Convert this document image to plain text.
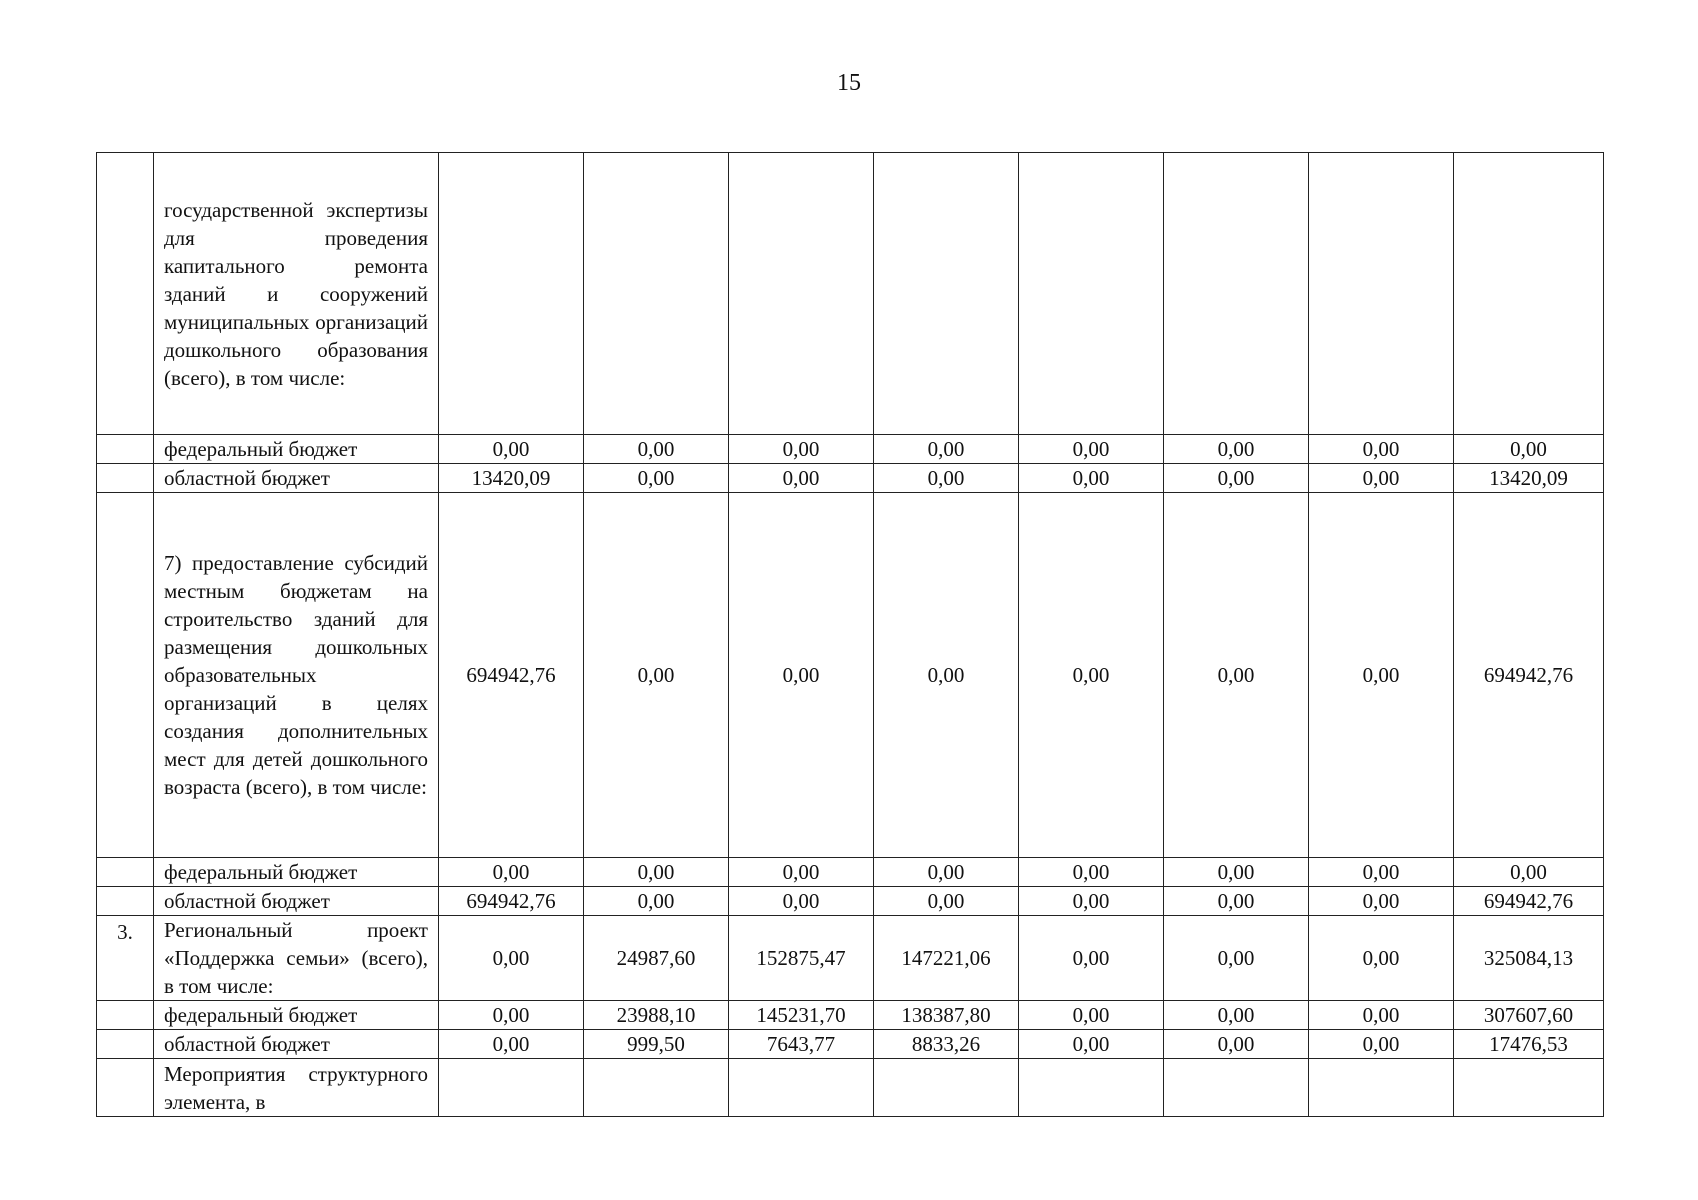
15
	государственной экспертизы для проведения капитального ремонта зданий и сооружений муниципальных организаций дошкольного образования (всего), в том числе:								
	федеральный бюджет	0,00	0,00	0,00	0,00	0,00	0,00	0,00	0,00
	областной бюджет	13420,09	0,00	0,00	0,00	0,00	0,00	0,00	13420,09
	7) предоставление субсидий местным бюджетам на строительство зданий для размещения дошкольных образовательных организаций в целях создания дополнительных мест для детей дошкольного возраста (всего), в том числе:	694942,76	0,00	0,00	0,00	0,00	0,00	0,00	694942,76
	федеральный бюджет	0,00	0,00	0,00	0,00	0,00	0,00	0,00	0,00
	областной бюджет	694942,76	0,00	0,00	0,00	0,00	0,00	0,00	694942,76
3.	Региональный проект «Поддержка семьи» (всего), в том числе:	0,00	24987,60	152875,47	147221,06	0,00	0,00	0,00	325084,13
	федеральный бюджет	0,00	23988,10	145231,70	138387,80	0,00	0,00	0,00	307607,60
	областной бюджет	0,00	999,50	7643,77	8833,26	0,00	0,00	0,00	17476,53
	Мероприятия структурного элемента, в								
